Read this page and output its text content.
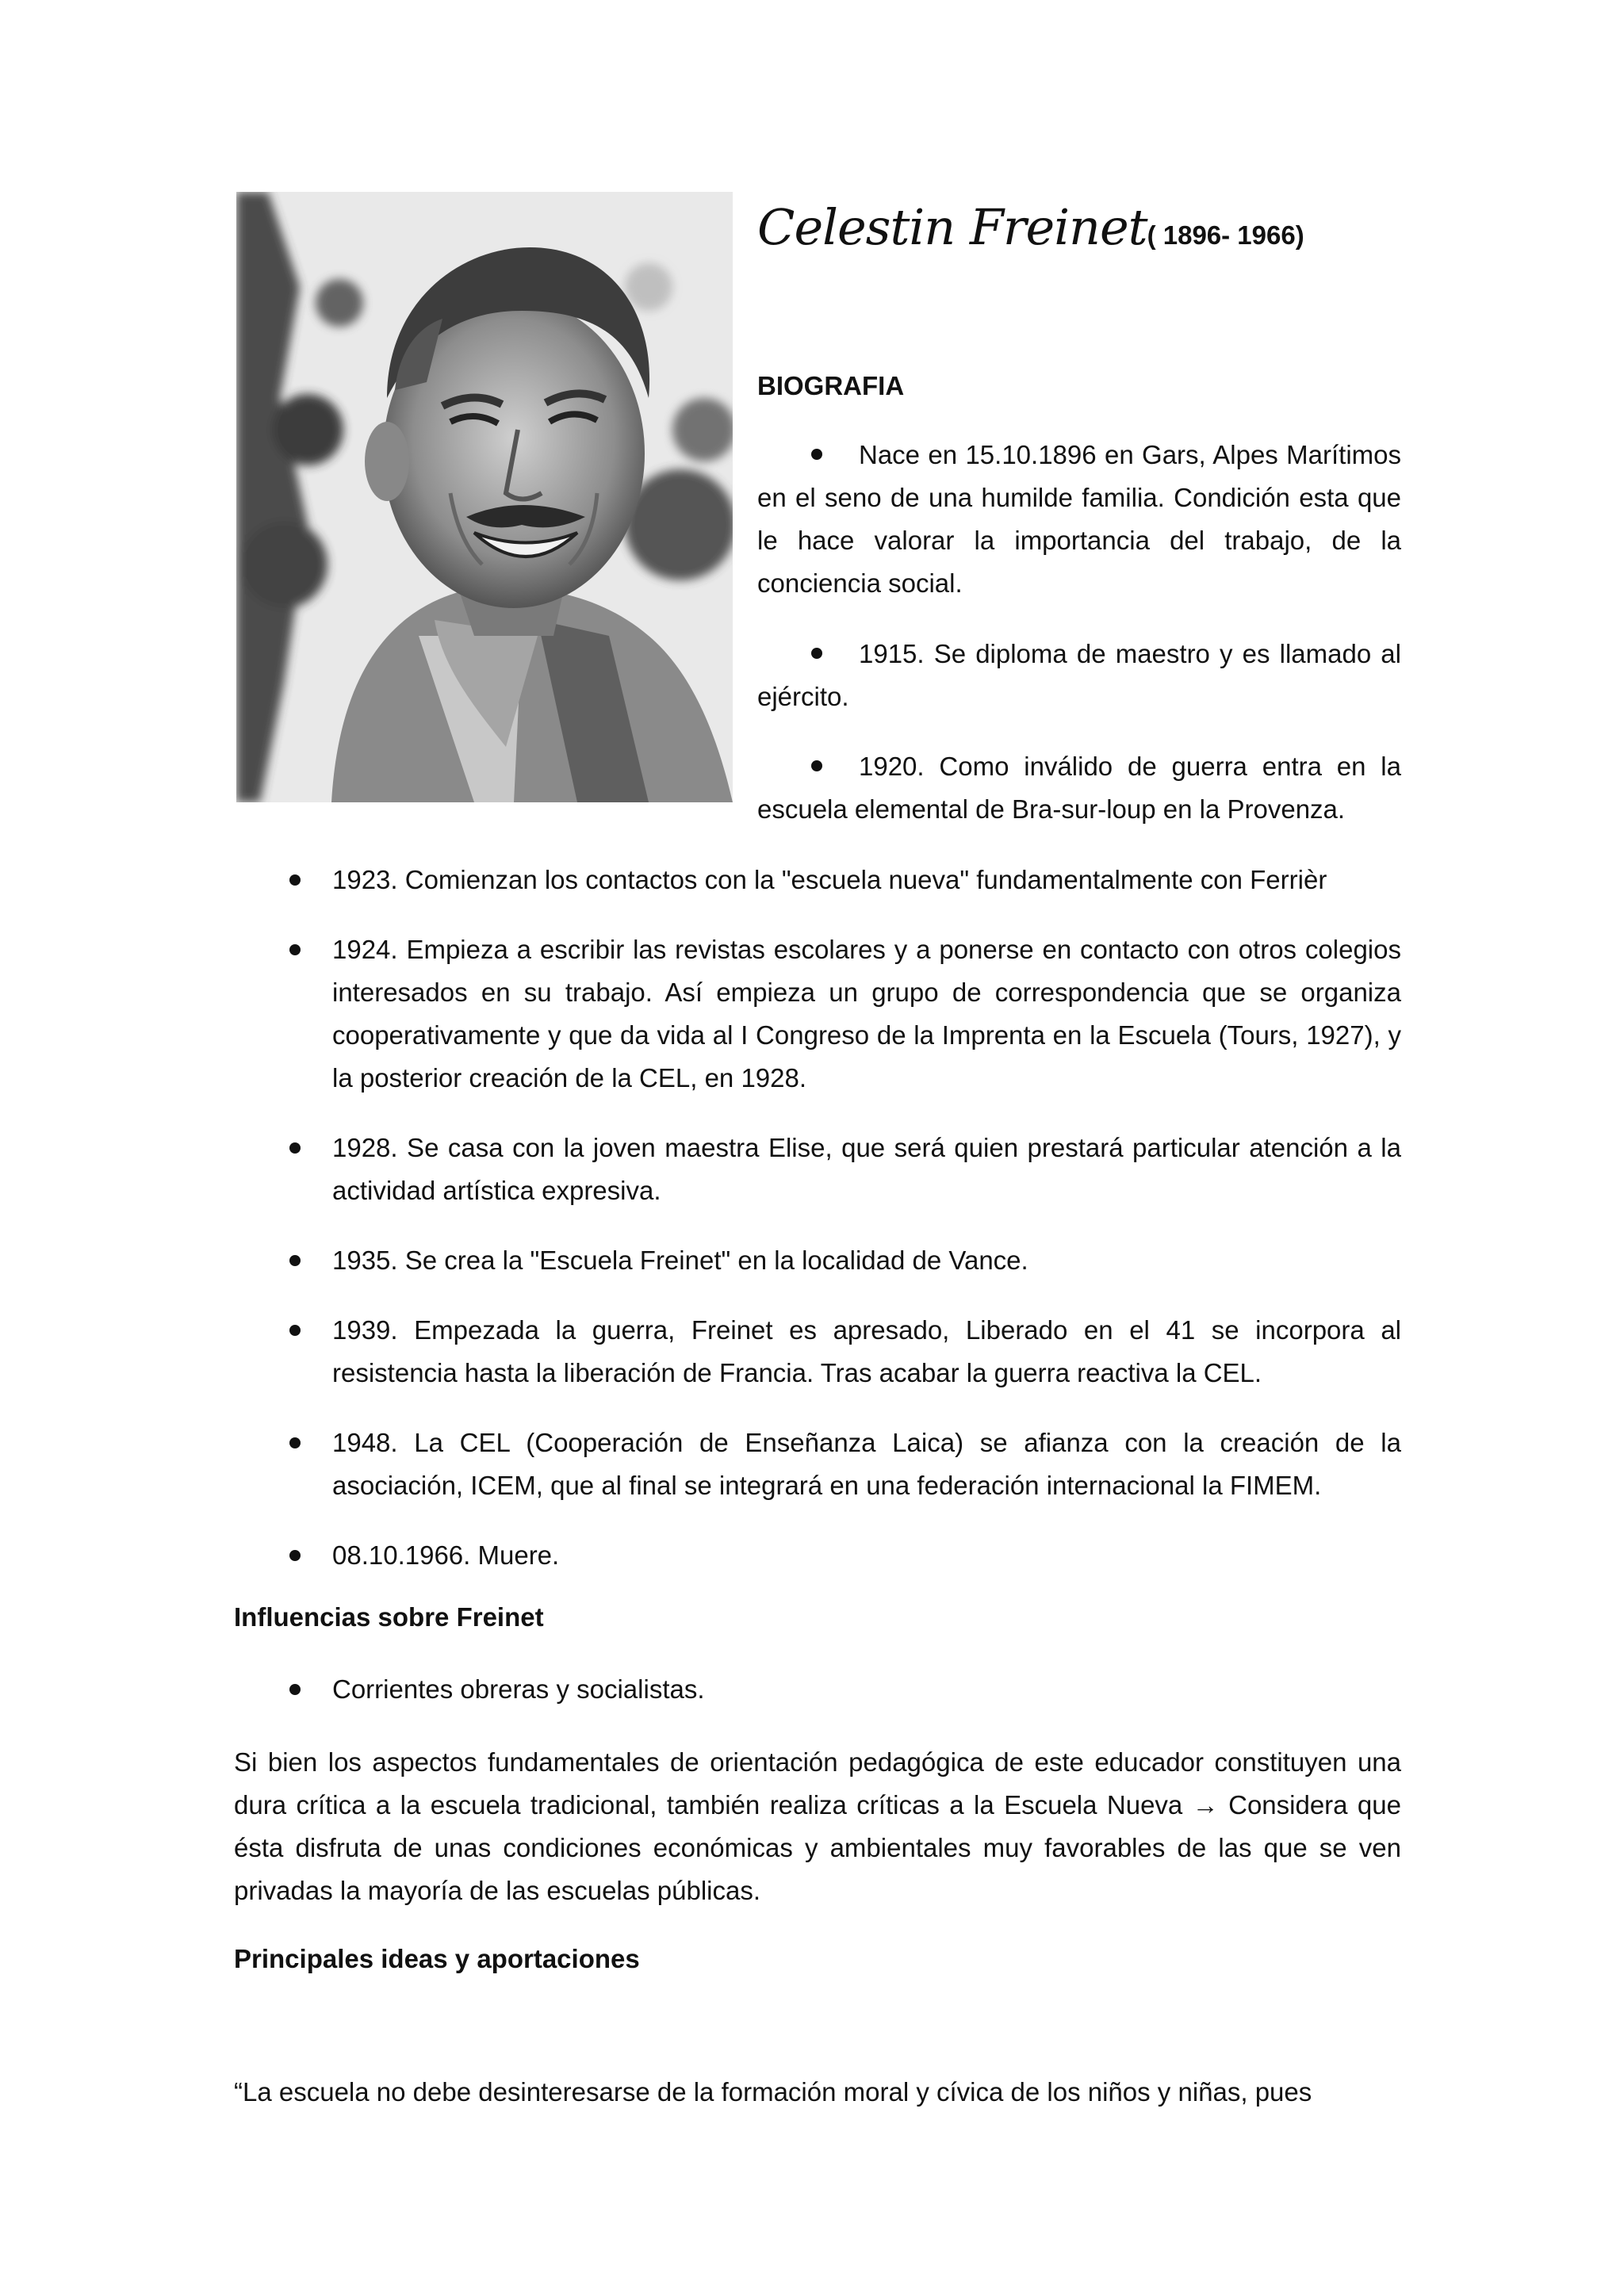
Celestin Freinet( 1896- 1966)
BIOGRAFIA
Nace en 15.10.1896 en Gars, Alpes Marítimos en el seno de una humilde familia. Condición esta que le hace valorar la importancia del trabajo, de la conciencia social.
1915. Se diploma de maestro y es llamado al ejército.
1920. Como inválido de guerra entra en la escuela elemental de Bra-sur-loup en la Provenza.
1923. Comienzan los contactos con la "escuela nueva" fundamentalmente con Ferrièr
1924. Empieza a escribir las revistas escolares y a ponerse en contacto con otros colegios interesados en su trabajo. Así empieza un grupo de correspondencia que se organiza cooperativamente y que da vida al I Congreso de la Imprenta en la Escuela (Tours, 1927), y la posterior creación de la CEL, en 1928.
1928. Se casa con la joven maestra Elise, que será quien prestará particular atención a la actividad artística expresiva.
1935. Se crea la "Escuela Freinet" en la localidad de Vance.
1939. Empezada la guerra, Freinet es apresado, Liberado en el 41 se incorpora al resistencia hasta la liberación de Francia. Tras acabar la guerra reactiva la CEL.
1948. La CEL (Cooperación de Enseñanza Laica) se afianza con la creación de la asociación, ICEM, que al final se integrará en una federación internacional la FIMEM.
08.10.1966. Muere.
Influencias sobre Freinet
Corrientes obreras y socialistas.
Si bien los aspectos fundamentales de orientación pedagógica de este educador constituyen una dura crítica a la escuela tradicional, también realiza críticas a la Escuela Nueva → Considera que ésta disfruta de unas condiciones económicas y ambientales muy favorables de las que se ven privadas la mayoría de las escuelas públicas.
Principales ideas y aportaciones
“La escuela no debe desinteresarse de la formación moral y cívica de los niños y niñas, pues
